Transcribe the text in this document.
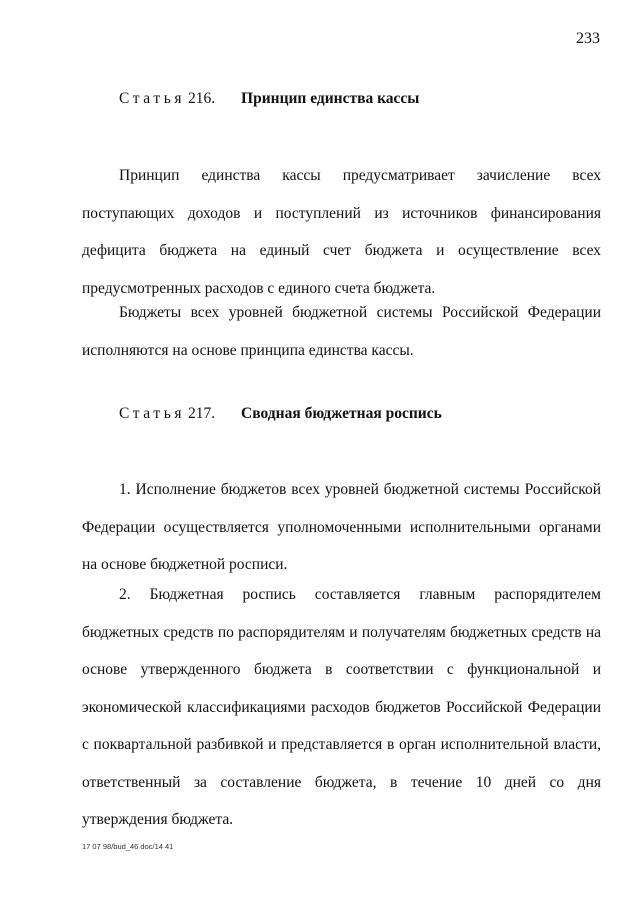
233
Статья 216. Принцип единства кассы

Принцип единства кассы предусматривает зачисление всех поступающих доходов и поступлений из источников финансирования дефицита бюджета на единый счет бюджета и осуществление всех предусмотренных расходов с единого счета бюджета.

Бюджеты всех уровней бюджетной системы Российской Федерации исполняются на основе принципа единства кассы.

Статья 217. Сводная бюджетная роспись

1. Исполнение бюджетов всех уровней бюджетной системы Российской Федерации осуществляется уполномоченными исполнительными органами на основе бюджетной росписи.

2. Бюджетная роспись составляется главным распорядителем бюджетных средств по распорядителям и получателям бюджетных средств на основе утвержденного бюджета в соответствии с функциональной и экономической классификациями расходов бюджетов Российской Федерации с поквартальной разбивкой и представляется в орган исполнительной власти, ответственный за составление бюджета, в течение 10 дней со дня утверждения бюджета.

17 07 98/bud_46 doc/14 41
